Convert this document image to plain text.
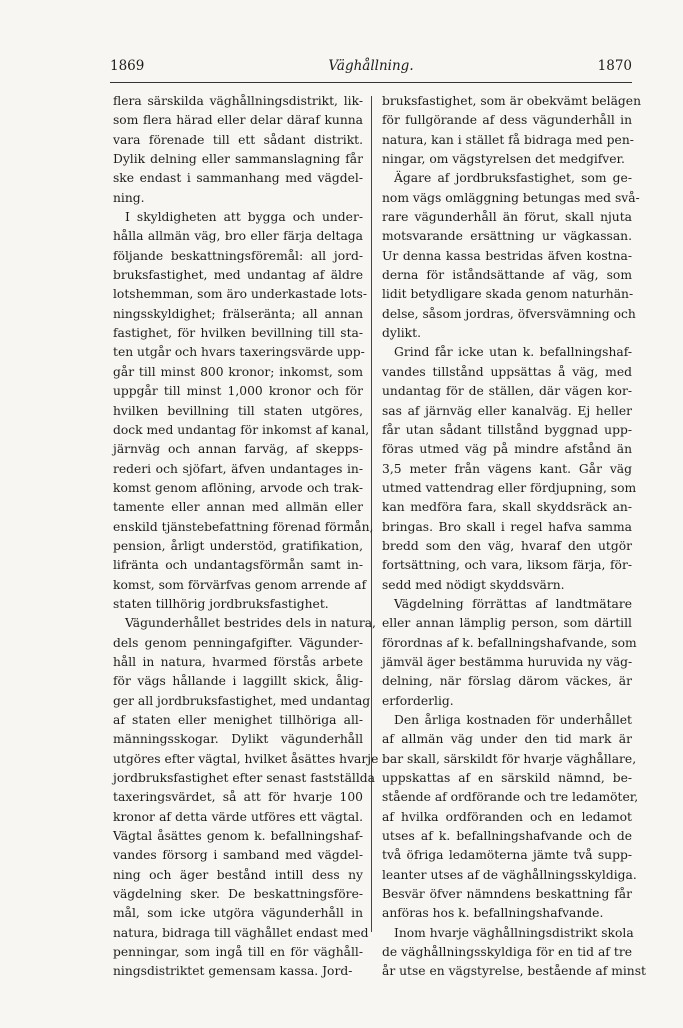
1869	Väghållning.	1870
flera särskilda väghållningsdistrikt, lik-
som flera härad eller delar däraf kunna
vara förenade till ett sådant distrikt.
Dylik delning eller sammanslagning får
ske endast i sammanhang med vägdel-
ning.
I skyldigheten att bygga och under-
hålla allmän väg, bro eller färja deltaga
följande beskattningsföremål: all jord-
bruksfastighet, med undantag af äldre
lotshemman, som äro underkastade lots-
ningsskyldighet; frälseränta; all annan
fastighet, för hvilken bevillning till sta-
ten utgår och hvars taxeringsvärde upp-
går till minst 800 kronor; inkomst, som
uppgår till minst 1,000 kronor och för
hvilken bevillning till staten utgöres,
dock med undantag för inkomst af kanal,
järnväg och annan farväg, af skepps-
rederi och sjöfart, äfven undantages in-
komst genom aflöning, arvode och trak-
tamente eller annan med allmän eller
enskild tjänstebefattning förenad förmån,
pension, årligt understöd, gratifikation,
lifränta och undantagsförmån samt in-
komst, som förvärfvas genom arrende af
staten tillhörig jordbruksfastighet.
Vägunderhållet bestrides dels in natura,
dels genom penningafgifter. Vägunder-
håll in natura, hvarmed förstås arbete
för vägs hållande i laggillt skick, ålig-
ger all jordbruksfastighet, med undantag
af staten eller menighet tillhöriga all-
männingsskogar. Dylikt vägunderhåll
utgöres efter vägtal, hvilket åsättes hvarje
jordbruksfastighet efter senast fastställda
taxeringsvärdet, så att för hvarje 100
kronor af detta värde utföres ett vägtal.
Vägtal åsättes genom k. befallningshaf-
vandes försorg i samband med vägdel-
ning och äger bestånd intill dess ny
vägdelning sker. De beskattningsföre-
mål, som icke utgöra vägunderhåll in
natura, bidraga till väghållet endast med
penningar, som ingå till en för väghåll-
ningsdistriktet gemensam kassa. Jord-
bruksfastighet, som är obekvämt belägen
för fullgörande af dess vägunderhåll in
natura, kan i stället få bidraga med pen-
ningar, om vägstyrelsen det medgifver.
Ägare af jordbruksfastighet, som ge-
nom vägs omläggning betungas med svå-
rare vägunderhåll än förut, skall njuta
motsvarande ersättning ur vägkassan.
Ur denna kassa bestridas äfven kostna-
derna för iståndsättande af väg, som
lidit betydligare skada genom naturhän-
delse, såsom jordras, öfversvämning och
dylikt.
Grind får icke utan k. befallningshaf-
vandes tillstånd uppsättas å väg, med
undantag för de ställen, där vägen kor-
sas af järnväg eller kanalväg. Ej heller
får utan sådant tillstånd byggnad upp-
föras utmed väg på mindre afstånd än
3,5 meter från vägens kant. Går väg
utmed vattendrag eller fördjupning, som
kan medföra fara, skall skyddsräck an-
bringas. Bro skall i regel hafva samma
bredd som den väg, hvaraf den utgör
fortsättning, och vara, liksom färja, för-
sedd med nödigt skyddsvärn.
Vägdelning förrättas af landtmätare
eller annan lämplig person, som därtill
förordnas af k. befallningshafvande, som
jämväl äger bestämma huruvida ny väg-
delning, när förslag därom väckes, är
erforderlig.
Den årliga kostnaden för underhållet
af allmän väg under den tid mark är
bar skall, särskildt för hvarje väghållare,
uppskattas af en särskild nämnd, be-
stående af ordförande och tre ledamöter,
af hvilka ordföranden och en ledamot
utses af k. befallningshafvande och de
två öfriga ledamöterna jämte två supp-
leanter utses af de väghållningsskyldiga.
Besvär öfver nämndens beskattning får
anföras hos k. befallningshafvande.
Inom hvarje väghållningsdistrikt skola
de väghållningsskyldiga för en tid af tre
år utse en vägstyrelse, bestående af minst
